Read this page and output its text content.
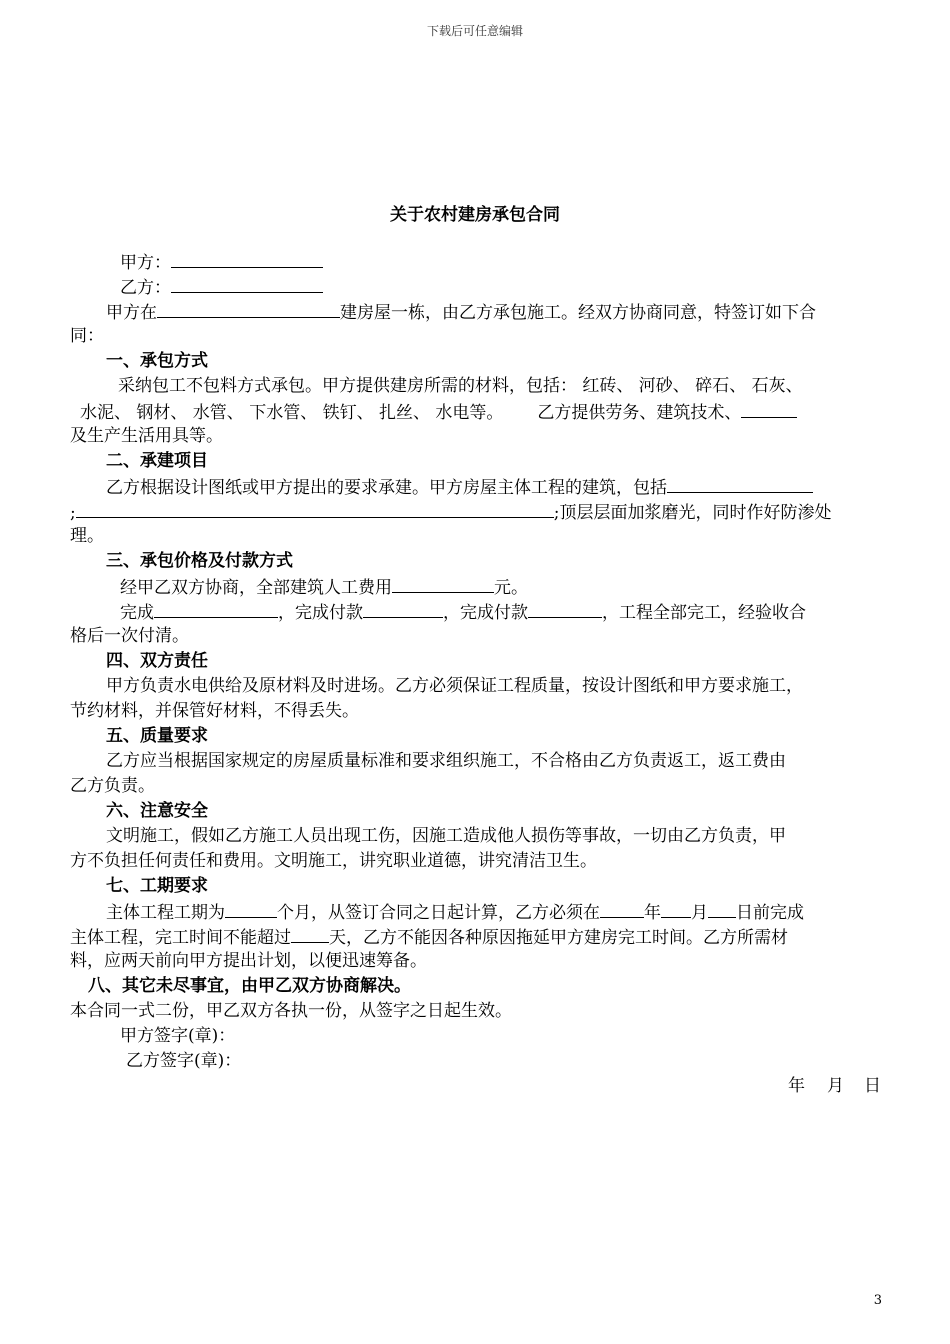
下载后可任意编辑
关于农村建房承包合同
甲方：
乙方：
甲方在	建房屋一栋，由乙方承包施工。经双方协商同意，特签订如下合
同：
一、承包方式
采纳包工不包料方式承包。甲方提供建房所需的材料，包括： 红砖、 河砂、 碎石、 石灰、
水泥、 钢材、 水管、 下水管、 铁钉、 扎丝、 水电等。 乙方提供劳务、建筑技术、
及生产生活用具等。
二、承建项目
乙方根据设计图纸或甲方提出的要求承建。甲方房屋主体工程的建筑，包括
;	;顶层层面加浆磨光，同时作好防渗处
理。
三、承包价格及付款方式
经甲乙双方协商，全部建筑人工费用	元。
完成	，完成付款	，完成付款	，工程全部完工，经验收合
格后一次付清。
四、双方责任
甲方负责水电供给及原材料及时进场。乙方必须保证工程质量，按设计图纸和甲方要求施工，
节约材料，并保管好材料，不得丢失。
五、质量要求
乙方应当根据国家规定的房屋质量标准和要求组织施工，不合格由乙方负责返工，返工费由
乙方负责。
六、注意安全
文明施工，假如乙方施工人员出现工伤，因施工造成他人损伤等事故，一切由乙方负责，甲
方不负担任何责任和费用。文明施工，讲究职业道德，讲究清洁卫生。
七、工期要求
主体工程工期为	个月，从签订合同之日起计算，乙方必须在	年 月 日前完成
主体工程，完工时间不能超过 天，乙方不能因各种原因拖延甲方建房完工时间。乙方所需材
料，应两天前向甲方提出计划，以便迅速筹备。
八、其它未尽事宜，由甲乙双方协商解决。
本合同一式二份，甲乙双方各执一份，从签字之日起生效。
甲方签字(章)：
乙方签字(章)：
年 月 日
3
